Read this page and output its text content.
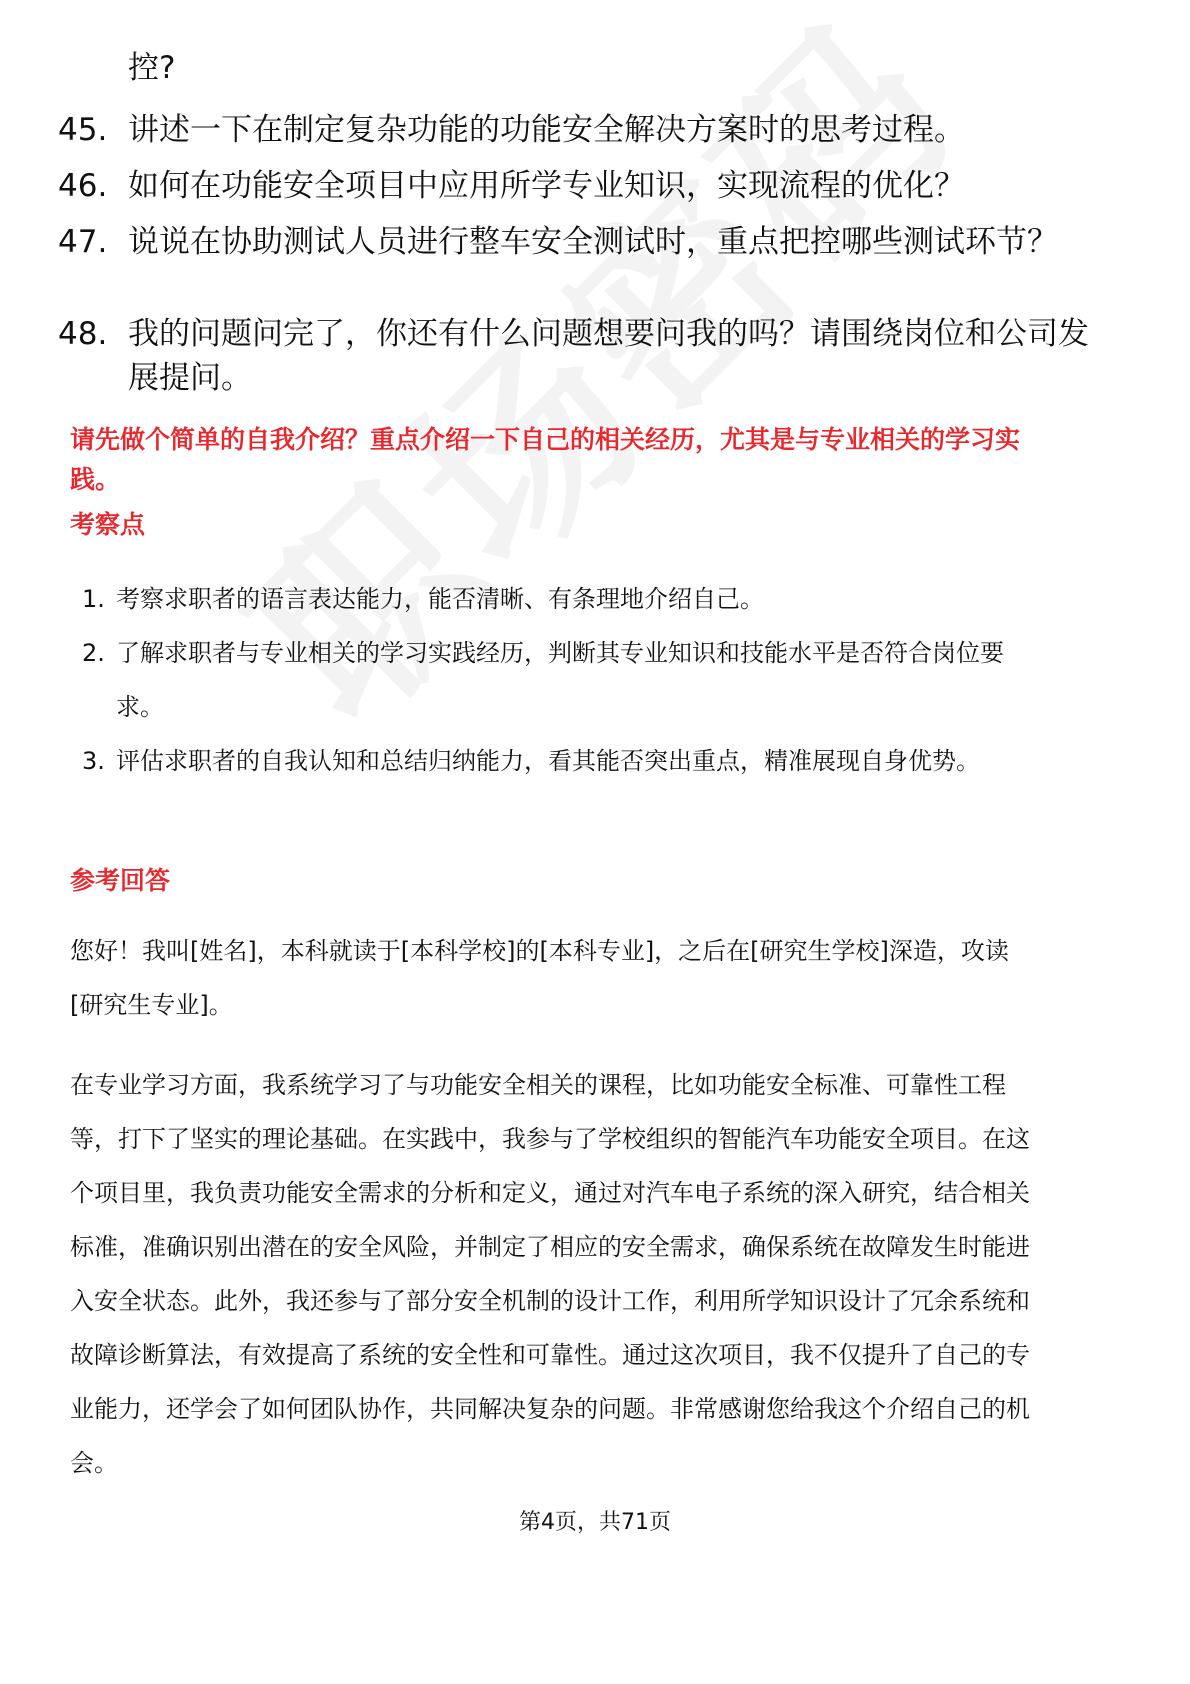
控?
45. 讲述一下在制定复杂功能的功能安全解决方案时的思考过程。
46. 如何在功能安全项目中应用所学专业知识，实现流程的优化？
47. 说说在协助测试人员进行整车安全测试时，重点把控哪些测试环节？
48. 我的问题问完了，你还有什么问题想要问我的吗？请围绕岗位和公司发展提问。
请先做个简单的自我介绍？重点介绍一下自己的相关经历，尤其是与专业相关的学习实践。
考察点
1. 考察求职者的语言表达能力，能否清晰、有条理地介绍自己。
2. 了解求职者与专业相关的学习实践经历，判断其专业知识和技能水平是否符合岗位要求。
3. 评估求职者的自我认知和总结归纳能力，看其能否突出重点，精准展现自身优势。
参考回答
您好！我叫[姓名]，本科就读于[本科学校]的[本科专业]，之后在[研究生学校]深造，攻读[研究生专业]。
在专业学习方面，我系统学习了与功能安全相关的课程，比如功能安全标准、可靠性工程等，打下了坚实的理论基础。在实践中，我参与了学校组织的智能汽车功能安全项目。在这个项目里，我负责功能安全需求的分析和定义，通过对汽车电子系统的深入研究，结合相关标准，准确识别出潜在的安全风险，并制定了相应的安全需求，确保系统在故障发生时能进入安全状态。此外，我还参与了部分安全机制的设计工作，利用所学知识设计了冗余系统和故障诊断算法，有效提高了系统的安全性和可靠性。通过这次项目，我不仅提升了自己的专业能力，还学会了如何团队协作，共同解决复杂的问题。非常感谢您给我这个介绍自己的机会。
第4页，共71页
